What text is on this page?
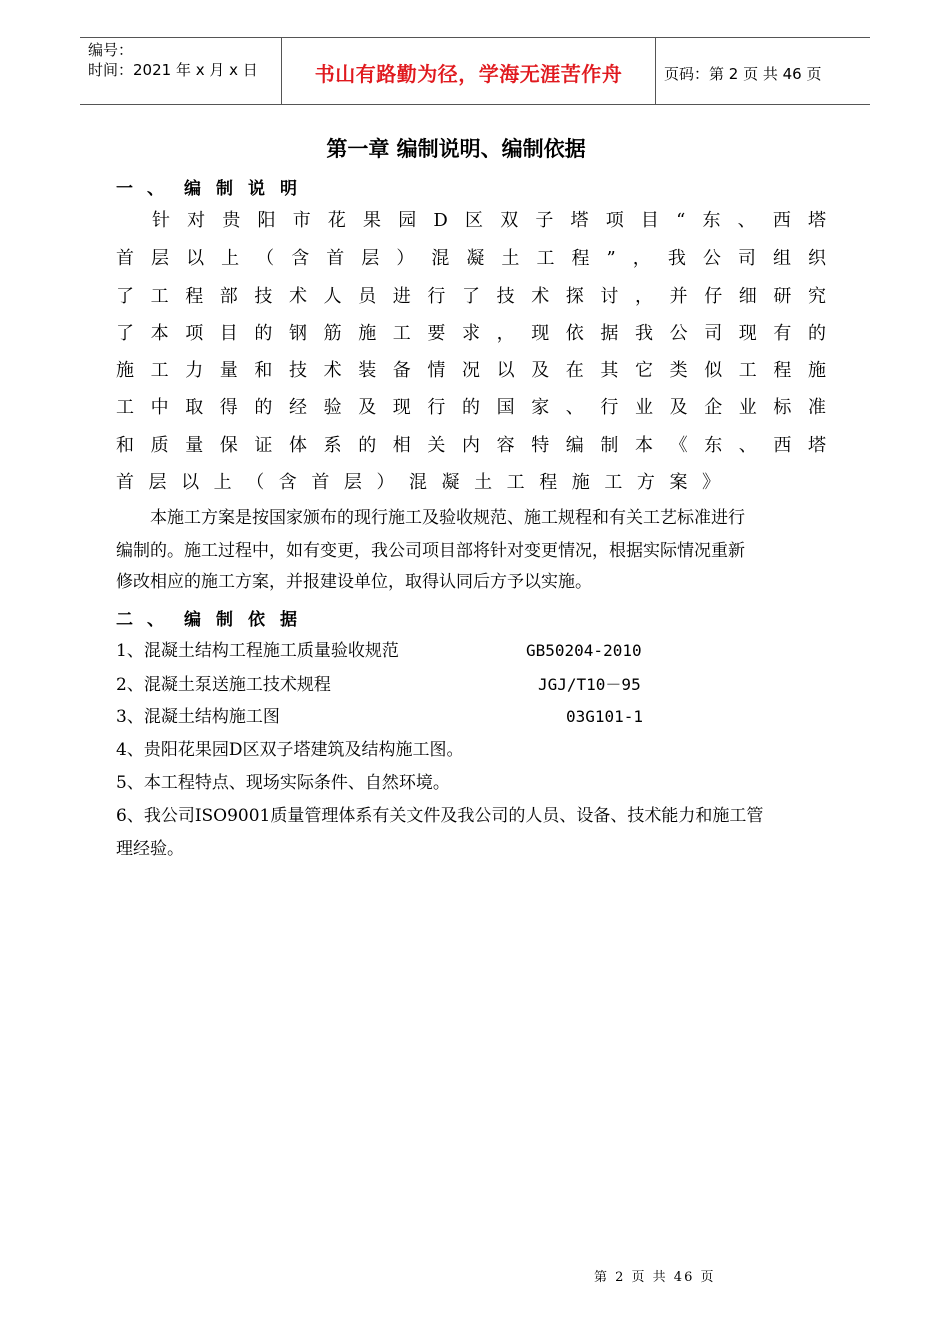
编号：
时间：2021 年 x 月 x 日	书山有路勤为径，学海无涯苦作舟	页码：第 2 页 共 46 页
第一章 编制说明、编制依据
一、 编制说明
针对贵阳市花果园D区双子塔项目“东、西塔
首层以上（含首层）混凝土工程”，我公司组织
了工程部技术人员进行了技术探讨，并仔细研究
了本项目的钢筋施工要求，现依据我公司现有的
施工力量和技术装备情况以及在其它类似工程施
工中取得的经验及现行的国家、行业及企业标准
和质量保证体系的相关内容特编制本《东、西塔
首层以上（含首层）混凝土工程施工方案》
本施工方案是按国家颁布的现行施工及验收规范、施工规程和有关工艺标准进行
编制的。施工过程中，如有变更，我公司项目部将针对变更情况，根据实际情况重新
修改相应的施工方案，并报建设单位，取得认同后方予以实施。
二、 编制依据
1、混凝土结构工程施工质量验收规范	GB50204-2010
2、混凝土泵送施工技术规程	JGJ/T10－95
3、混凝土结构施工图	03G101-1
4、贵阳花果园D区双子塔建筑及结构施工图。
5、本工程特点、现场实际条件、自然环境。
6、我公司ISO9001质量管理体系有关文件及我公司的人员、设备、技术能力和施工管
理经验。
第 2 页 共 46 页
